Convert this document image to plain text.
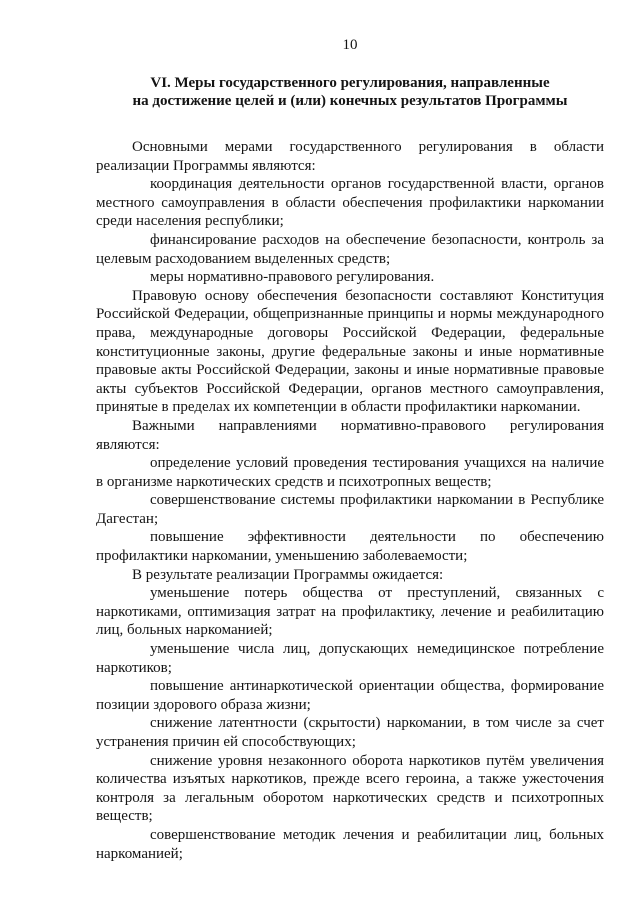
10
VI. Меры государственного регулирования, направленные
на достижение целей и (или) конечных результатов Программы

Основными мерами государственного регулирования в области реализации Программы являются:

координация деятельности органов государственной власти, органов местного самоуправления в области обеспечения профилактики наркомании среди населения республики;

финансирование расходов на обеспечение безопасности, контроль за целевым расходованием выделенных средств;

меры нормативно-правового регулирования.

Правовую основу обеспечения безопасности составляют Конституция Российской Федерации, общепризнанные принципы и нормы международного права, международные договоры Российской Федерации, федеральные конституционные законы, другие федеральные законы и иные нормативные правовые акты Российской Федерации, законы и иные нормативные правовые акты субъектов Российской Федерации, органов местного самоуправления, принятые в пределах их компетенции в области профилактики наркомании.

Важными направлениями нормативно-правового регулирования являются:

определение условий проведения тестирования учащихся на наличие в организме наркотических средств и психотропных веществ;

совершенствование системы профилактики наркомании в Республике Дагестан;

повышение эффективности деятельности по обеспечению профилактики наркомании, уменьшению заболеваемости;

В результате реализации Программы ожидается:

уменьшение потерь общества от преступлений, связанных с наркотиками, оптимизация затрат на профилактику, лечение и реабилитацию лиц, больных наркоманией;

уменьшение числа лиц, допускающих немедицинское потребление наркотиков;

повышение антинаркотической ориентации общества, формирование позиции здорового образа жизни;

снижение латентности (скрытости) наркомании, в том числе за счет устранения причин ей способствующих;

снижение уровня незаконного оборота наркотиков путём увеличения количества изъятых наркотиков, прежде всего героина, а также ужесточения контроля за легальным оборотом наркотических средств и психотропных веществ;

совершенствование методик лечения и реабилитации лиц, больных наркоманией;
